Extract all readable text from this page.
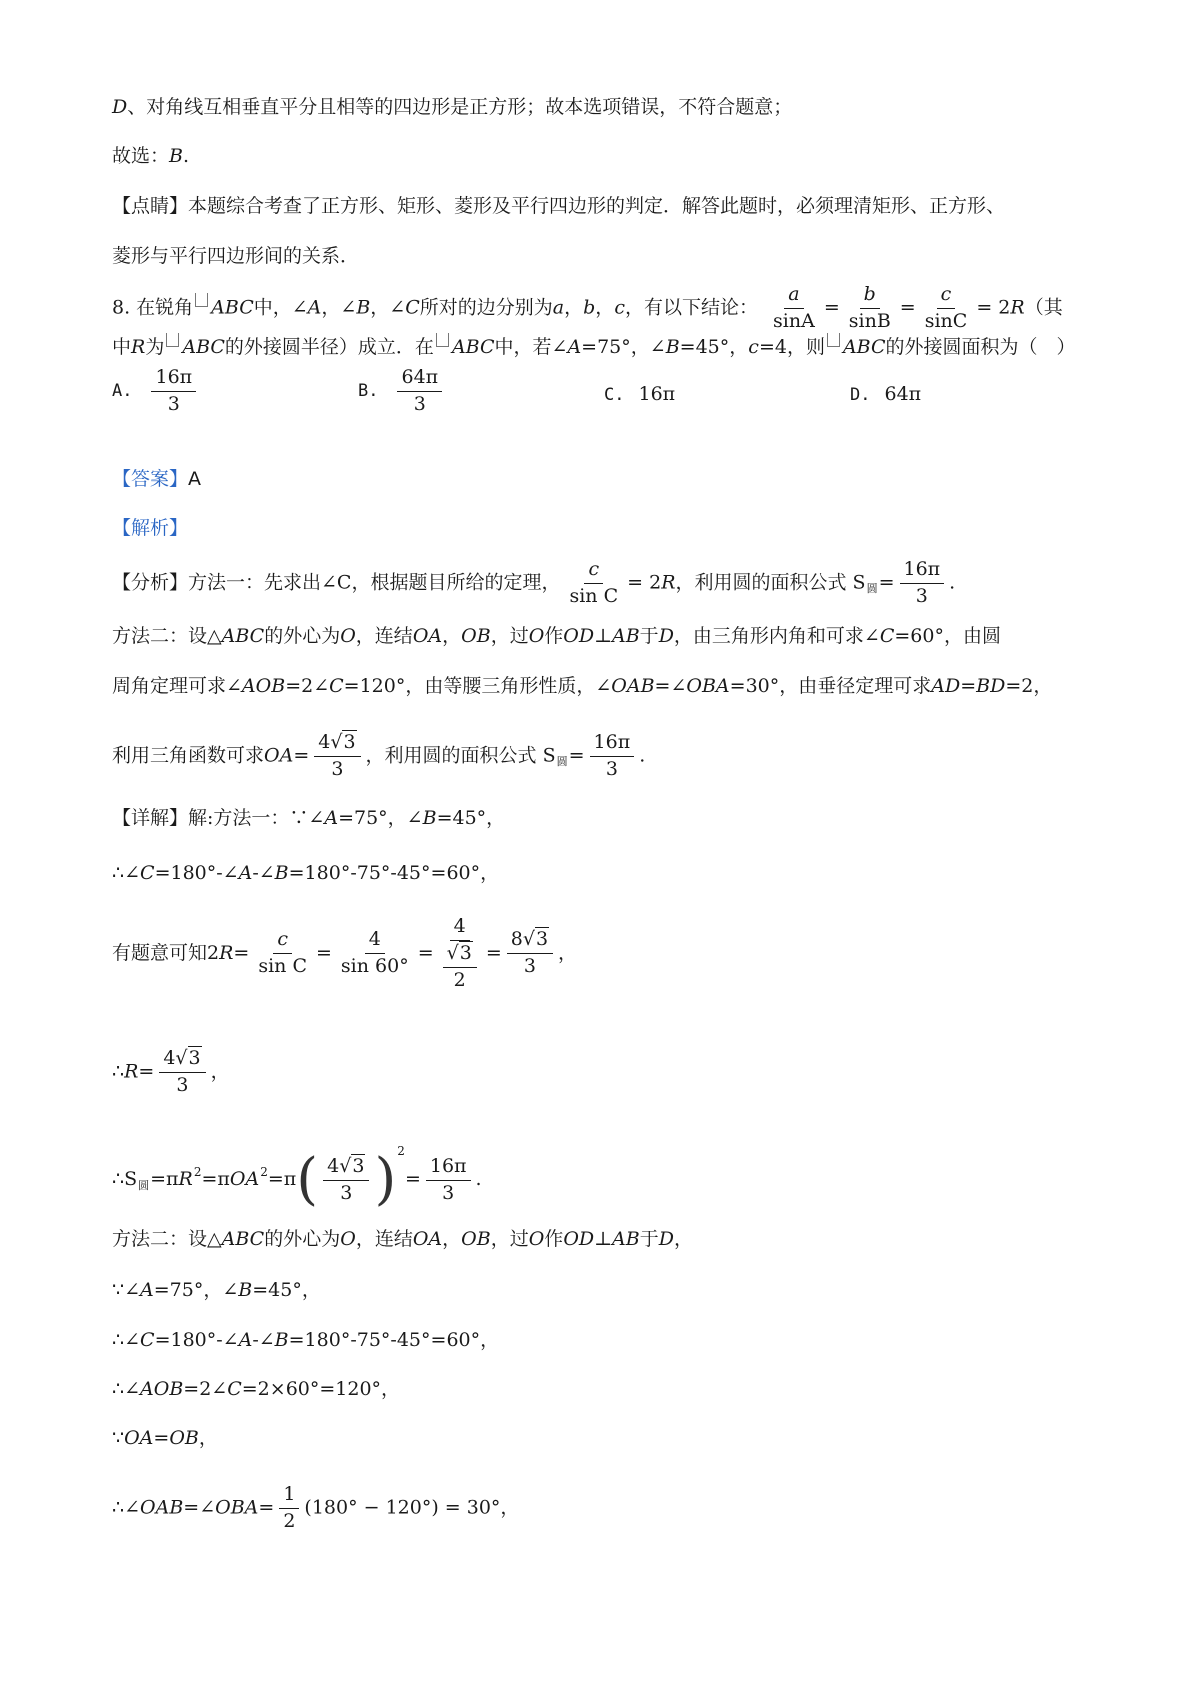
D、对角线互相垂直平分且相等的四边形是正方形；故本选项错误，不符合题意；
故选：B.
【点睛】本题综合考查了正方形、矩形、菱形及平行四边形的判定．解答此题时，必须理清矩形、正方形、
菱形与平行四边形间的关系．
8. 在锐角 ABC中，∠A，∠B，∠C所对的边分别为a，b，c，有以下结论： $\frac{a}{\sin A} = \frac{b}{\sin B} = \frac{c}{\sin C} = 2R$（其
中R为 ABC的外接圆半径）成立．在 ABC中，若∠A=75°，∠B=45°，c=4，则 ABC的外接圆面积为（　）
A. $\frac{16\pi}{3}$	B. $\frac{64\pi}{3}$	C. 16π	D. 64π
【答案】A
【解析】
【分析】方法一：先求出∠C，根据题目所给的定理， $\frac{c}{\text{sin C}} = 2R$，利用圆的面积公式 $S_圆= \frac{16\pi}{3}$ .
方法二：设△ABC的外心为O，连结OA，OB，过O作OD⊥AB于D，由三角形内角和可求∠C=60°，由圆
周角定理可求∠AOB=2∠C=120°，由等腰三角形性质，∠OAB=∠OBA=30°，由垂径定理可求AD=BD=2，
利用三角函数可求$OA= \frac{4√3}{3}$ ，利用圆的面积公式 $S_圆= \frac{16\pi}{3}$ .
【详解】解:方法一：∵∠A=75°，∠B=45°，
∴∠C=180°-∠A-∠B=180°-75°-45°=60°，
有题意可知$2R= \frac{c}{\text{sin C}} = \frac{4}{\sin 60^\circ} = \frac{4}{\frac{√3}{2}} = \frac{8√3}{3}$ ，
∴R= $\frac{4√3}{3}$ ，
$\therefore S_圆=\pi R^2=\pi OA^2=\pi( \frac{4√3}{3} )^2= \frac{16\pi}{3}$ .
方法二：设△ABC的外心为O，连结OA，OB，过O作OD⊥AB于D，
∵∠A=75°，∠B=45°，
∴∠C=180°-∠A-∠B=180°-75°-45°=60°，
∴∠AOB=2∠C=2×60°=120°，
∵OA=OB，
∴∠OAB=∠OBA= $\frac{1}{2} (180^\circ - 120^\circ) = 30^\circ$，
